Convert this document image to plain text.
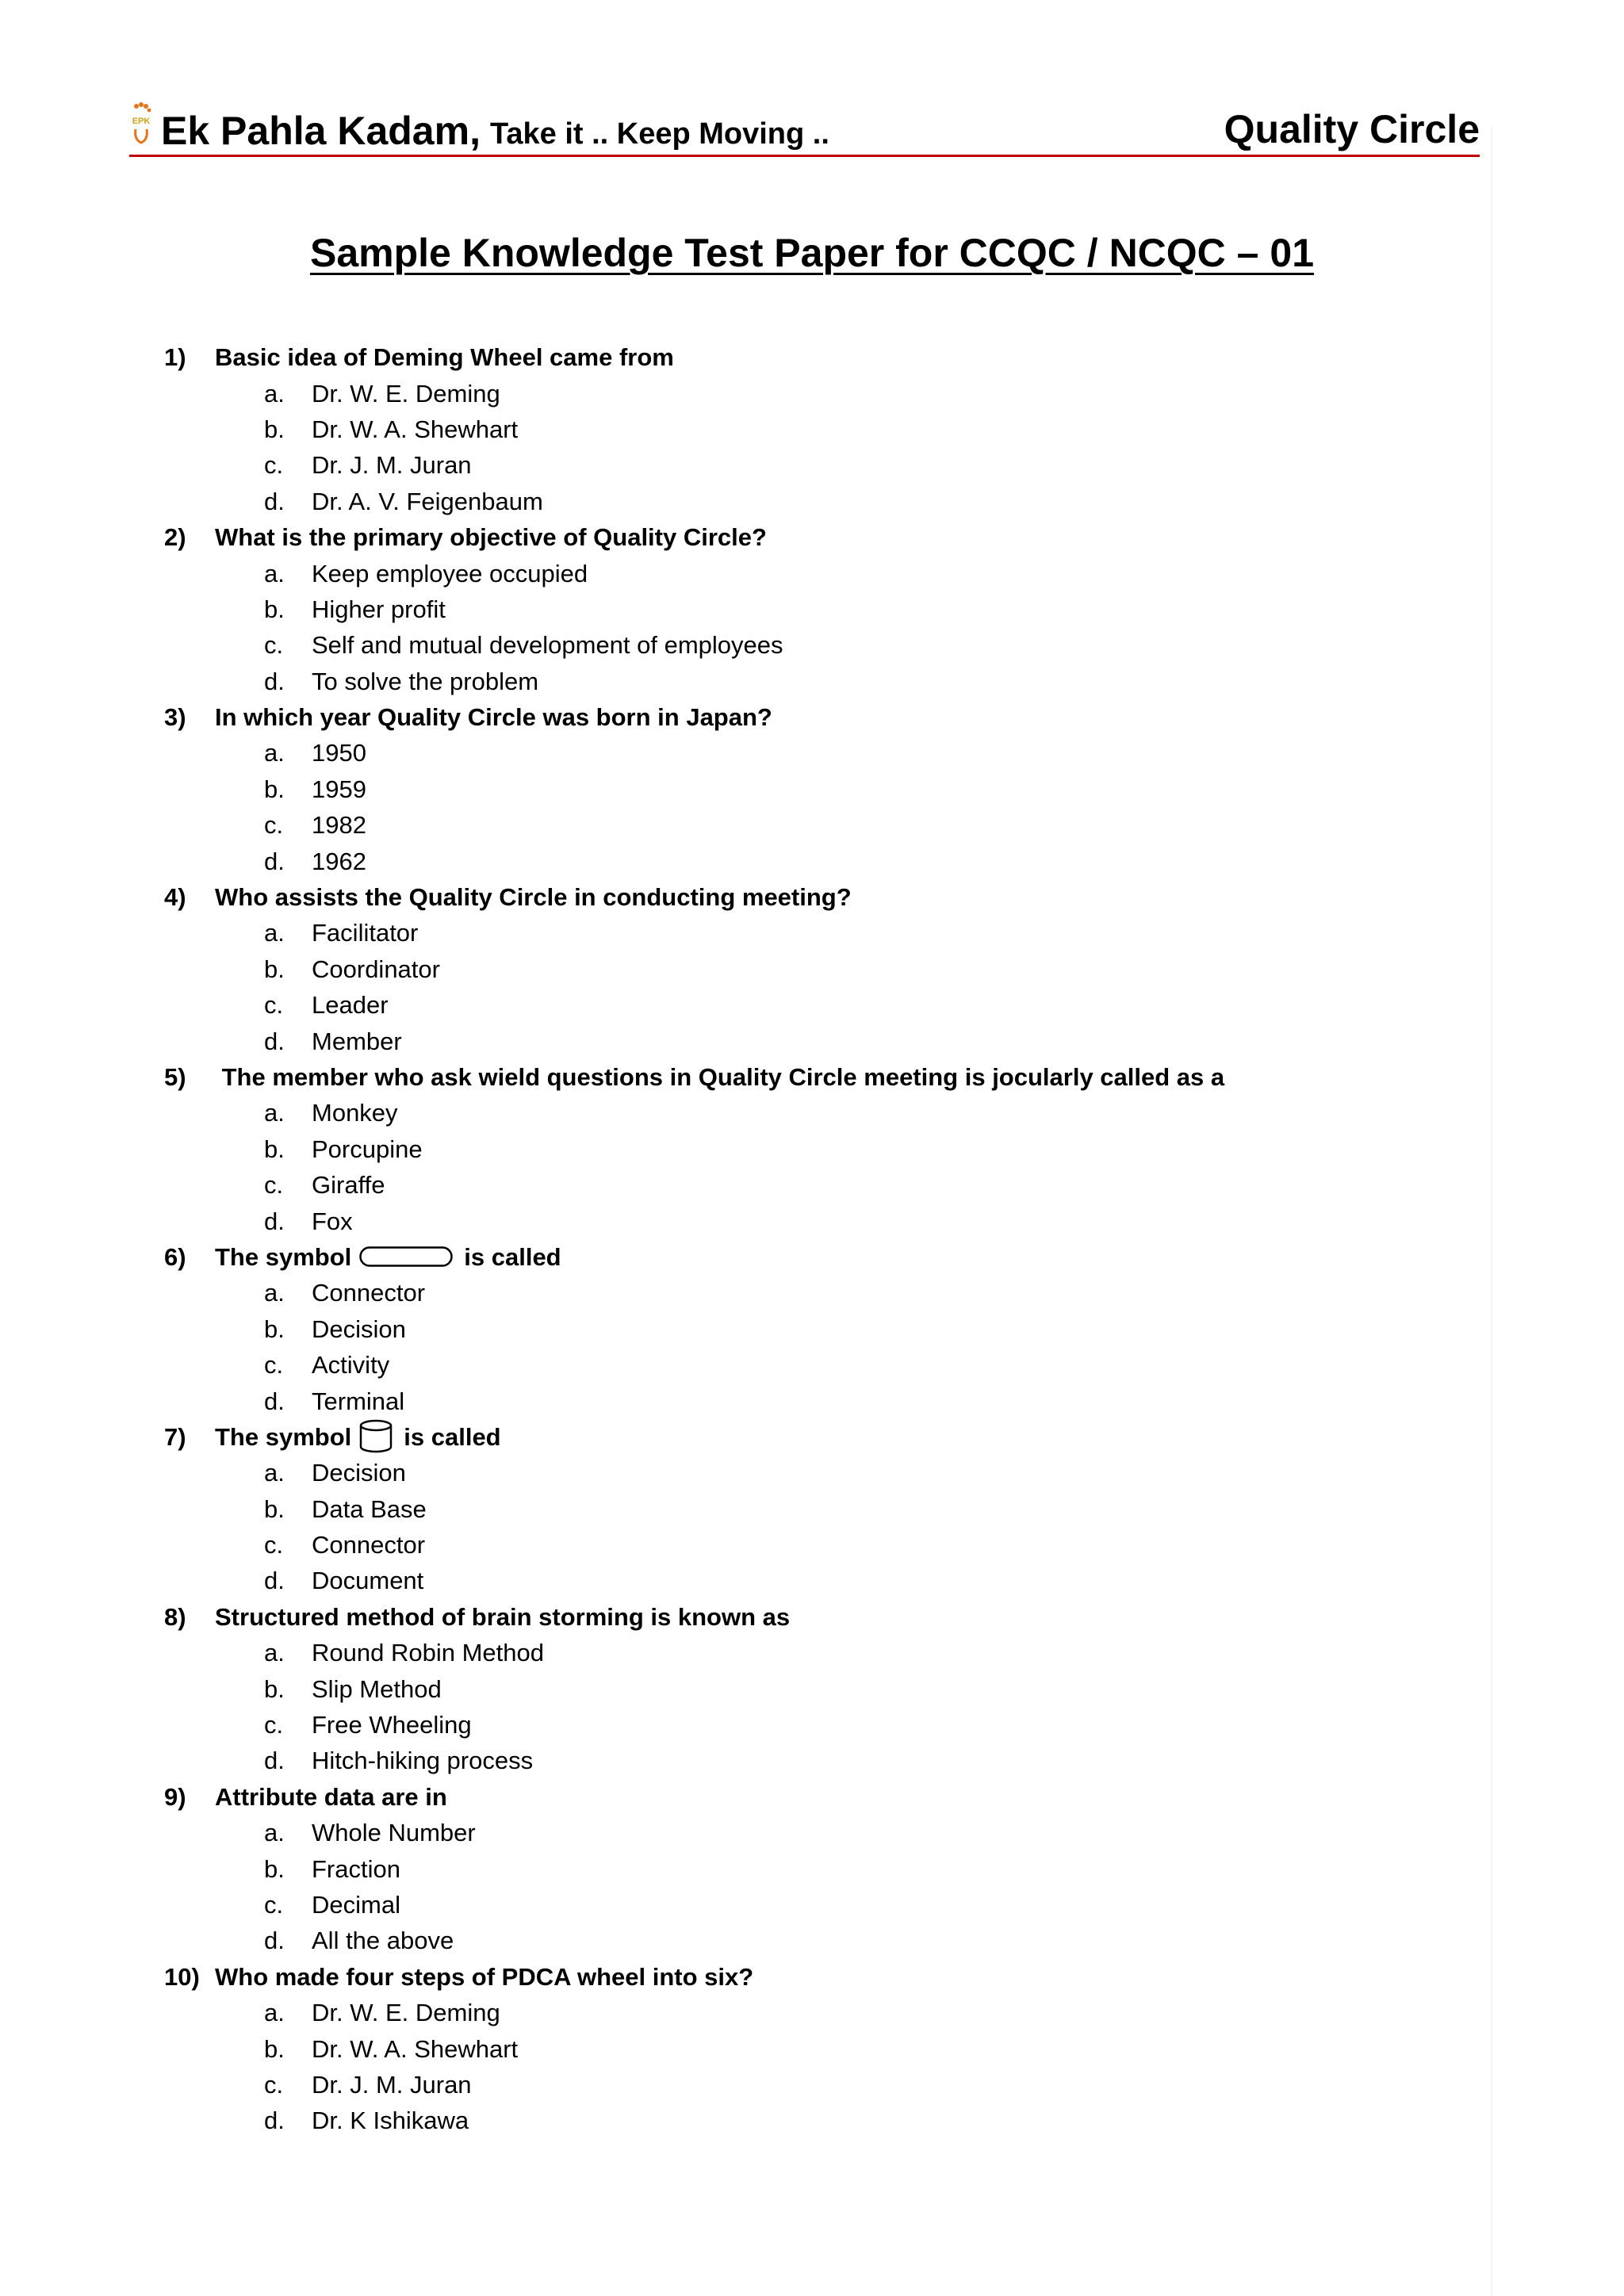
EPK Ek Pahla Kadam, Take it .. Keep Moving ..	Quality Circle
Sample Knowledge Test Paper for CCQC / NCQC – 01
1)	Basic idea of Deming Wheel came from
a.	Dr. W. E. Deming
b.	Dr. W. A. Shewhart
c.	Dr. J. M. Juran
d.	Dr. A. V. Feigenbaum
2)	What is the primary objective of Quality Circle?
a.	Keep employee occupied
b.	Higher profit
c.	Self and mutual development of employees
d.	To solve the problem
3)	In which year Quality Circle was born in Japan?
a.	1950
b.	1959
c.	1982
d.	1962
4)	Who assists the Quality Circle in conducting meeting?
a.	Facilitator
b.	Coordinator
c.	Leader
d.	Member
5)	The member who ask wield questions in Quality Circle meeting is jocularly called as a
a.	Monkey
b.	Porcupine
c.	Giraffe
d.	Fox
6)	The symbol	is called
a.	Connector
b.	Decision
c.	Activity
d.	Terminal
7)	The symbol is called
a.	Decision
b.	Data Base
c.	Connector
d.	Document
8)	Structured method of brain storming is known as
a.	Round Robin Method
b.	Slip Method
c.	Free Wheeling
d.	Hitch-hiking process
9)	Attribute data are in
a.	Whole Number
b.	Fraction
c.	Decimal
d.	All the above
10) Who made four steps of PDCA wheel into six?
a.	Dr. W. E. Deming
b.	Dr. W. A. Shewhart
c.	Dr. J. M. Juran
d.	Dr. K Ishikawa
